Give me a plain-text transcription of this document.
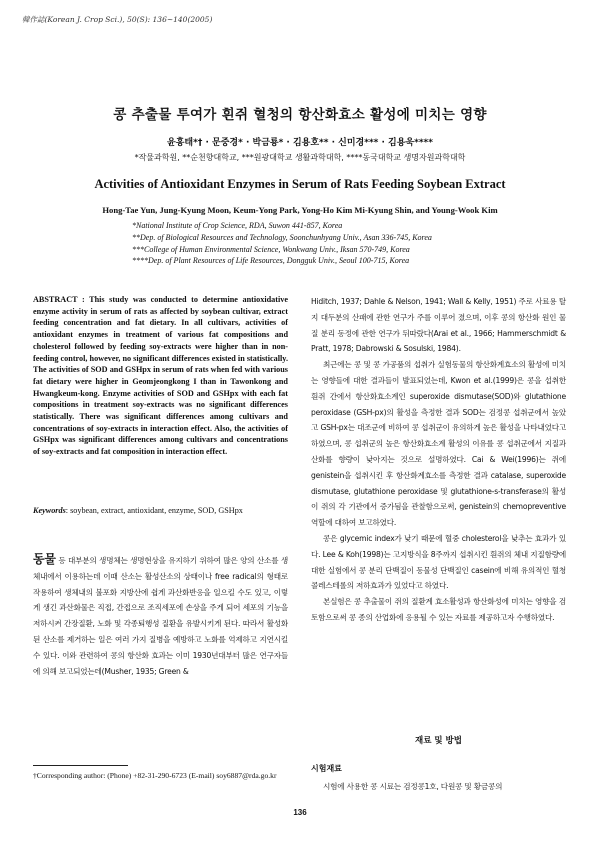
韓作誌(Korean J. Crop Sci.), 50(S): 136~140(2005)
콩 추출물 투여가 흰쥐 혈청의 항산화효소 활성에 미치는 영향
윤홍태*† · 문중경* · 박금룡* · 김용호** · 신미경*** · 김용욱****
*작물과학원, **순천향대학교, ***원광대학교 생활과학대학, ****동국대학교 생명자원과학대학
Activities of Antioxidant Enzymes in Serum of Rats Feeding Soybean Extract
Hong-Tae Yun, Jung-Kyung Moon, Keum-Yong Park, Yong-Ho Kim Mi-Kyung Shin, and Young-Wook Kim
*National Institute of Crop Science, RDA, Suwon 441-857, Korea
**Dep. of Biological Resources and Technology, Soonchunhyang Univ., Asan 336-745, Korea
***College of Human Environmental Science, Wonkwang Univ., Iksan 570-749, Korea
****Dep. of Plant Resources of Life Resources, Dongguk Univ., Seoul 100-715, Korea
ABSTRACT : This study was conducted to determine antioxidative enzyme activity in serum of rats as affected by soybean cultivar, extract feeding concentration and fat dietary. In all cultivars, activities of antioxidant enzymes in treatment of various fat compositions and cholesterol followed by feeding soy-extracts were higher than in non-feeding control, however, no significant differences existed in statistically. The activities of SOD and GSHpx in serum of rats when fed with various fat dietary were higher in Geomjeongkong I than in Tawonkong and Hwangkeum-kong. Enzyme activities of SOD and GSHpx with each fat compositions in treatment soy-extracts was no significant differences statistically. There was significant differences among cultivars and concentrations of soy-extracts in interaction effect. Also, the activities of GSHpx was significant differences among cultivars and concentrations of soy-extracts and fat composition in interaction effect.
Keywords: soybean, extract, antioxidant, enzyme, SOD, GSHpx

동물 등 대부분의 생명체는 생명현상을 유지하기 위하여 많은 양의 산소를 생체내에서 이용하는데 이때 산소는 활성산소의 상태이나 free radical의 형태로 작용하여 생체내의 불포화 지방산에 쉽게 과산화반응을 일으킬 수도 있고, 이렇게 생긴 과산화물은 직접, 간접으로 조직세포에 손상을 주게 되어 세포의 기능을 저하시켜 간장질환, 노화 및 각종퇴행성 질환을 유발시키게 된다. 따라서 활성화된 산소를 제거하는 일은 여러 가지 질병을 예방하고 노화를 억제하고 지연시킬 수 있다. 이와 관련하여 콩의 항산화 효과는 이미 1930년대부터 많은 연구자들에 의해 보고되었는데(Musher, 1935; Green &

†Corresponding author: (Phone) +82-31-290-6723 (E-mail) soy6887@rda.go.kr

Hiditch, 1937; Dahle & Nelson, 1941; Wall & Kelly, 1951) 주로 사료용 탈지 대두분의 산패에 관한 연구가 주를 이루어 졌으며, 이후 콩의 항산화 원인 물질 분리 동정에 관한 연구가 뒤따랐다(Arai et al., 1966; Hammerschmidt & Pratt, 1978; Dabrowski & Sosulski, 1984).

최근에는 콩 및 콩 가공품의 섭취가 실험동물의 항산화계효소의 활성에 미치는 영향들에 대한 결과들이 발표되었는데, Kwon et al.(1999)은 콩을 섭취한 흰쥐 간에서 항산화효소계인 superoxide dismutase(SOD)와 glutathione peroxidase (GSH-px)의 활성을 측정한 결과 SOD는 검정콩 섭취군에서 높았고 GSH-px는 대조군에 비하여 콩 섭취군이 유의하게 높은 활성을 나타내었다고 하였으며, 콩 섭취군의 높은 항산화효소계 활성의 이유를 콩 섭취군에서 지질과산화를 향량이 낮아지는 것으로 설명하였다. Cai & Wei(1996)는 쥐에 genistein을 섭취시킨 후 항산화계효소를 측정한 결과 catalase, superoxide dismutase, glutathione peroxidase 및 glutathione-s-transferase의 활성이 쥐의 각 기관에서 증가됨을 관찰함으로써, genistein의 chemopreventive 역할에 대하여 보고하였다.

콩은 glycemic index가 낮기 때문에 혈중 cholesterol을 낮추는 효과가 있다. Lee & Koh(1998)는 고지방식을 8주까지 섭취시킨 흰쥐의 체내 지질함량에 대한 실험에서 콩 분리 단백질이 동물성 단백질인 casein에 비해 유의적인 혈청콜레스테롤의 저하효과가 있었다고 하였다.

본실험은 콩 추출물이 쥐의 질환계 효소활성과 항산화성에 미치는 영향을 검토함으로써 콩 종의 산업화에 응용될 수 있는 자료를 제공하고자 수행하였다.

재료 및 방법
시험재료

시험에 사용한 콩 시료는 검정콩1호, 다원콩 및 황금콩의

136
